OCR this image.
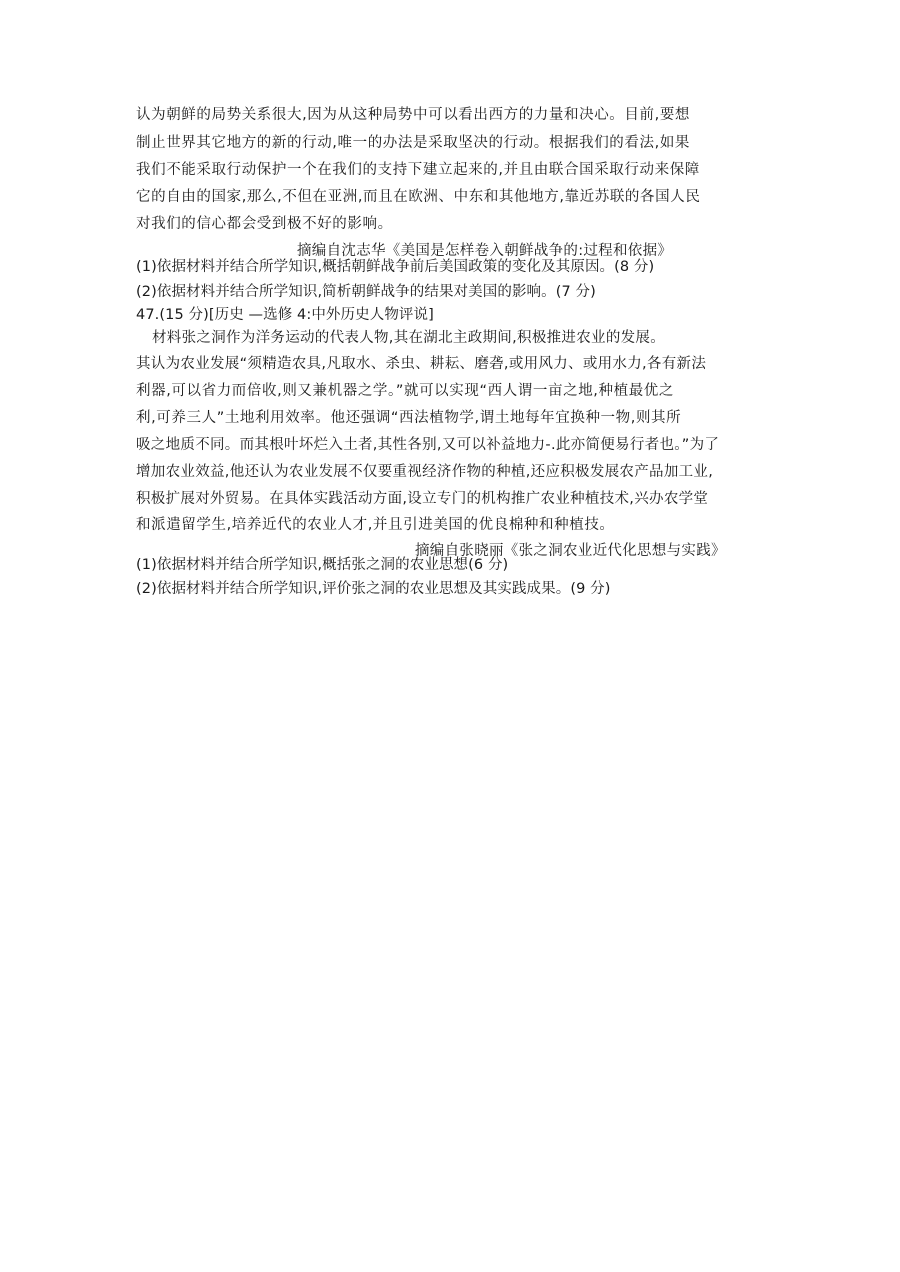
认为朝鲜的局势关系很大,因为从这种局势中可以看出西方的力量和决心。目前,要想
制止世界其它地方的新的行动,唯一的办法是采取坚决的行动。根据我们的看法,如果
我们不能采取行动保护一个在我们的支持下建立起来的,并且由联合国采取行动来保障
它的自由的国家,那么,不但在亚洲,而且在欧洲、中东和其他地方,靠近苏联的各国人民
对我们的信心都会受到极不好的影响。
摘编自沈志华《美国是怎样卷入朝鲜战争的:过程和依据》
(1)依据材料并结合所学知识,概括朝鲜战争前后美国政策的变化及其原因。(8 分)
(2)依据材料并结合所学知识,简析朝鲜战争的结果对美国的影响。(7 分)
47.(15 分)[历史 —选修 4:中外历史人物评说]
材料张之洞作为洋务运动的代表人物,其在湖北主政期间,积极推进农业的发展。
其认为农业发展“须精造农具,凡取水、杀虫、耕耘、磨砻,或用风力、或用水力,各有新法
利器,可以省力而倍收,则又兼机器之学。”就可以实现“西人谓一亩之地,种植最优之
利,可养三人”土地利用效率。他还强调“西法植物学,谓土地每年宜换种一物,则其所
吸之地质不同。而其根叶坏烂入土者,其性各别,又可以补益地力-.此亦简便易行者也。”为了
增加农业效益,他还认为农业发展不仅要重视经济作物的种植,还应积极发展农产品加工业,
积极扩展对外贸易。在具体实践活动方面,设立专门的机构推广农业种植技术,兴办农学堂
和派遣留学生,培养近代的农业人才,并且引进美国的优良棉种和种植技。
摘编自张晓丽《张之洞农业近代化思想与实践》
(1)依据材料并结合所学知识,概括张之洞的农业思想(6 分)
(2)依据材料并结合所学知识,评价张之洞的农业思想及其实践成果。(9 分)
